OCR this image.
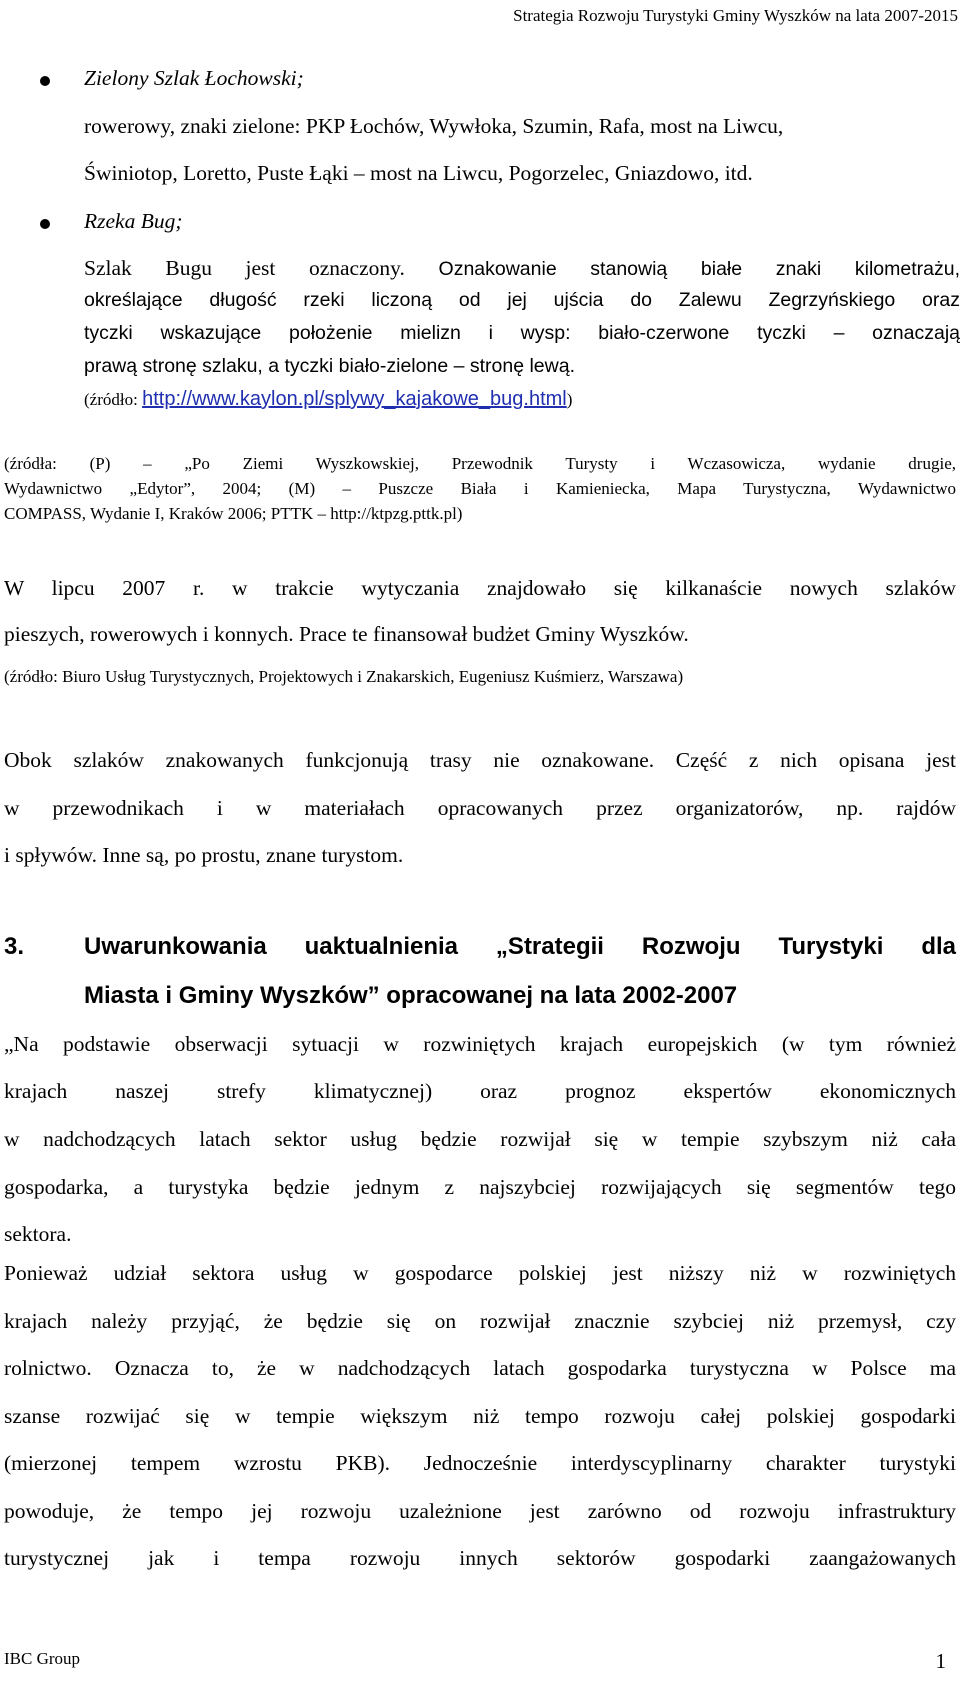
Strategia Rozwoju Turystyki Gminy Wyszków na lata 2007-2015
Zielony Szlak Łochowski;
rowerowy, znaki zielone: PKP Łochów, Wywłoka, Szumin, Rafa, most na Liwcu,
Świniotop, Loretto, Puste Łąki – most na Liwcu, Pogorzelec, Gniazdowo, itd.
Rzeka Bug;
Szlak Bugu jest oznaczony. Oznakowanie stanowią białe znaki kilometrażu,
określające długość rzeki liczoną od jej ujścia do Zalewu Zegrzyńskiego oraz
tyczki wskazujące położenie mielizn i wysp: biało-czerwone tyczki – oznaczają
prawą stronę szlaku, a tyczki biało-zielone – stronę lewą.
(źródło: http://www.kaylon.pl/splywy_kajakowe_bug.html)
(źródła: (P) – „Po Ziemi Wyszkowskiej, Przewodnik Turysty i Wczasowicza, wydanie drugie,
Wydawnictwo „Edytor”, 2004; (M) – Puszcze Biała i Kamieniecka, Mapa Turystyczna, Wydawnictwo
COMPASS, Wydanie I, Kraków 2006; PTTK – http://ktpzg.pttk.pl)
W lipcu 2007 r. w trakcie wytyczania znajdowało się kilkanaście nowych szlaków
pieszych, rowerowych i konnych. Prace te finansował budżet Gminy Wyszków.
(źródło: Biuro Usług Turystycznych, Projektowych i Znakarskich, Eugeniusz Kuśmierz, Warszawa)
Obok szlaków znakowanych funkcjonują trasy nie oznakowane. Część z nich opisana jest
w przewodnikach i w materiałach opracowanych przez organizatorów, np. rajdów
i spływów. Inne są, po prostu, znane turystom.
3. Uwarunkowania uaktualnienia „Strategii Rozwoju Turystyki dla
Miasta i Gminy Wyszków” opracowanej na lata 2002-2007
„Na podstawie obserwacji sytuacji w rozwiniętych krajach europejskich (w tym również
krajach naszej strefy klimatycznej) oraz prognoz ekspertów ekonomicznych
w nadchodzących latach sektor usług będzie rozwijał się w tempie szybszym niż cała
gospodarka, a turystyka będzie jednym z najszybciej rozwijających się segmentów tego
sektora.
Ponieważ udział sektora usług w gospodarce polskiej jest niższy niż w rozwiniętych
krajach należy przyjąć, że będzie się on rozwijał znacznie szybciej niż przemysł, czy
rolnictwo. Oznacza to, że w nadchodzących latach gospodarka turystyczna w Polsce ma
szanse rozwijać się w tempie większym niż tempo rozwoju całej polskiej gospodarki
(mierzonej tempem wzrostu PKB). Jednocześnie interdyscyplinarny charakter turystyki
powoduje, że tempo jej rozwoju uzależnione jest zarówno od rozwoju infrastruktury
turystycznej jak i tempa rozwoju innych sektorów gospodarki zaangażowanych
IBC Group	1
